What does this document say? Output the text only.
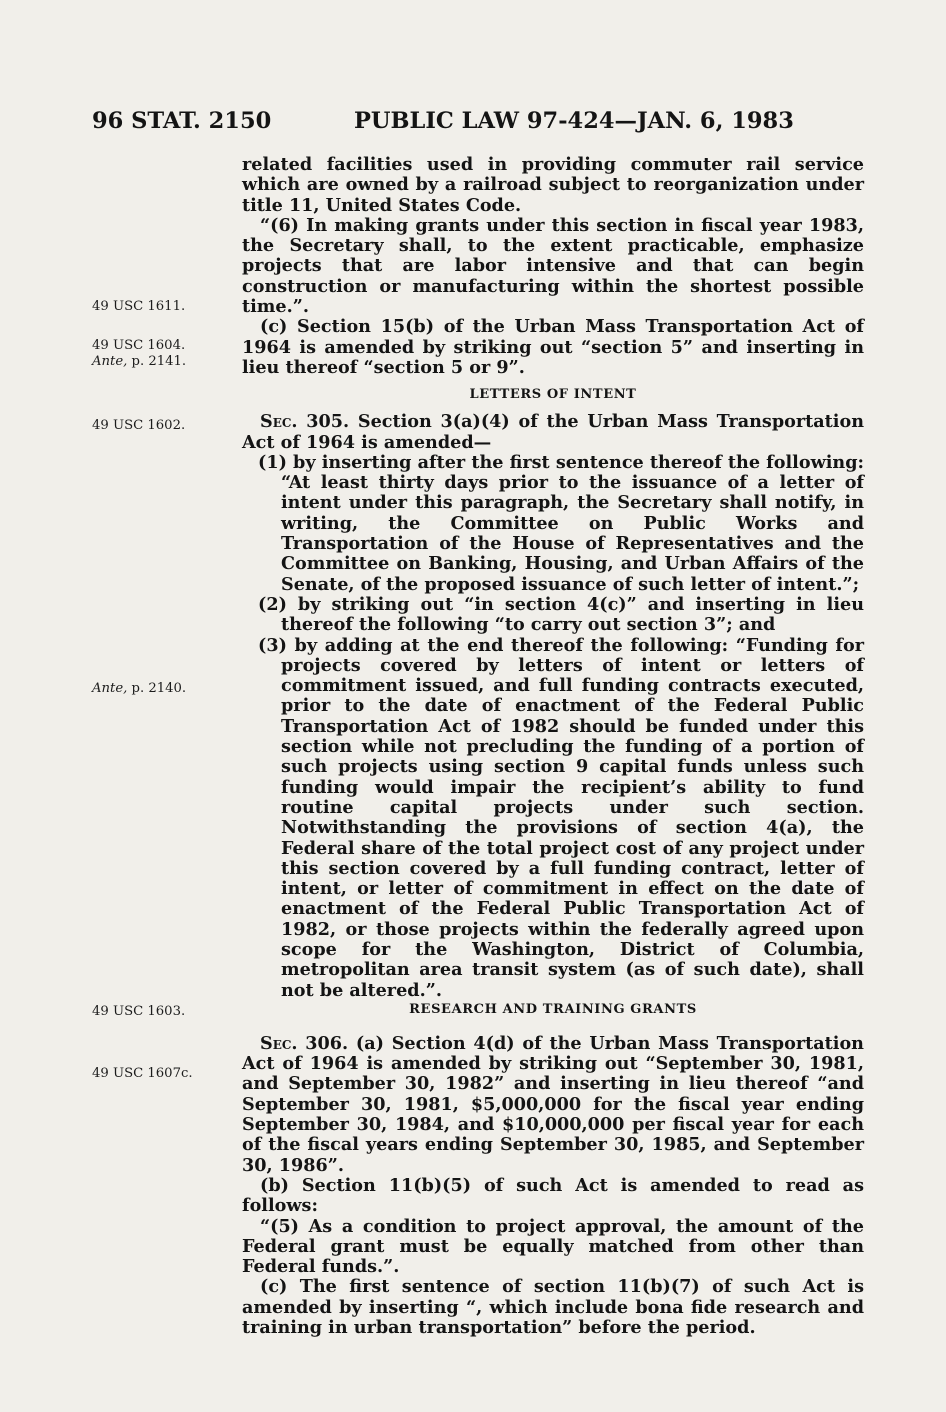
96 STAT. 2150	PUBLIC LAW 97-424—JAN. 6, 1983

related facilities used in providing commuter rail service which are owned by a railroad subject to reorganization under title 11, United States Code.

“(6) In making grants under this section in fiscal year 1983, the Secretary shall, to the extent practicable, emphasize projects that are labor intensive and that can begin construction or manufacturing within the shortest possible time.”.

(c) Section 15(b) of the Urban Mass Transportation Act of 1964 is amended by striking out “section 5” and inserting in lieu thereof “section 5 or 9”.

LETTERS OF INTENT

Sec. 305. Section 3(a)(4) of the Urban Mass Transportation Act of 1964 is amended—

(1) by inserting after the first sentence thereof the following: “At least thirty days prior to the issuance of a letter of intent under this paragraph, the Secretary shall notify, in writing, the Committee on Public Works and Transportation of the House of Representatives and the Committee on Banking, Housing, and Urban Affairs of the Senate, of the proposed issuance of such letter of intent.”;

(2) by striking out “in section 4(c)” and inserting in lieu thereof the following “to carry out section 3”; and

(3) by adding at the end thereof the following: “Funding for projects covered by letters of intent or letters of commitment issued, and full funding contracts executed, prior to the date of enactment of the Federal Public Transportation Act of 1982 should be funded under this section while not precluding the funding of a portion of such projects using section 9 capital funds unless such funding would impair the recipient’s ability to fund routine capital projects under such section. Notwithstanding the provisions of section 4(a), the Federal share of the total project cost of any project under this section covered by a full funding contract, letter of intent, or letter of commitment in effect on the date of enactment of the Federal Public Transportation Act of 1982, or those projects within the federally agreed upon scope for the Washington, District of Columbia, metropolitan area transit system (as of such date), shall not be altered.”.

RESEARCH AND TRAINING GRANTS

Sec. 306. (a) Section 4(d) of the Urban Mass Transportation Act of 1964 is amended by striking out “September 30, 1981, and September 30, 1982” and inserting in lieu thereof “and September 30, 1981, $5,000,000 for the fiscal year ending September 30, 1984, and $10,000,000 per fiscal year for each of the fiscal years ending September 30, 1985, and September 30, 1986”.

(b) Section 11(b)(5) of such Act is amended to read as follows:

“(5) As a condition to project approval, the amount of the Federal grant must be equally matched from other than Federal funds.”.

(c) The first sentence of section 11(b)(7) of such Act is amended by inserting “, which include bona fide research and training in urban transportation” before the period.

49 USC 1611.
49 USC 1604.
Ante, p. 2141.
49 USC 1602.
Ante, p. 2140.
49 USC 1603.
49 USC 1607c.
